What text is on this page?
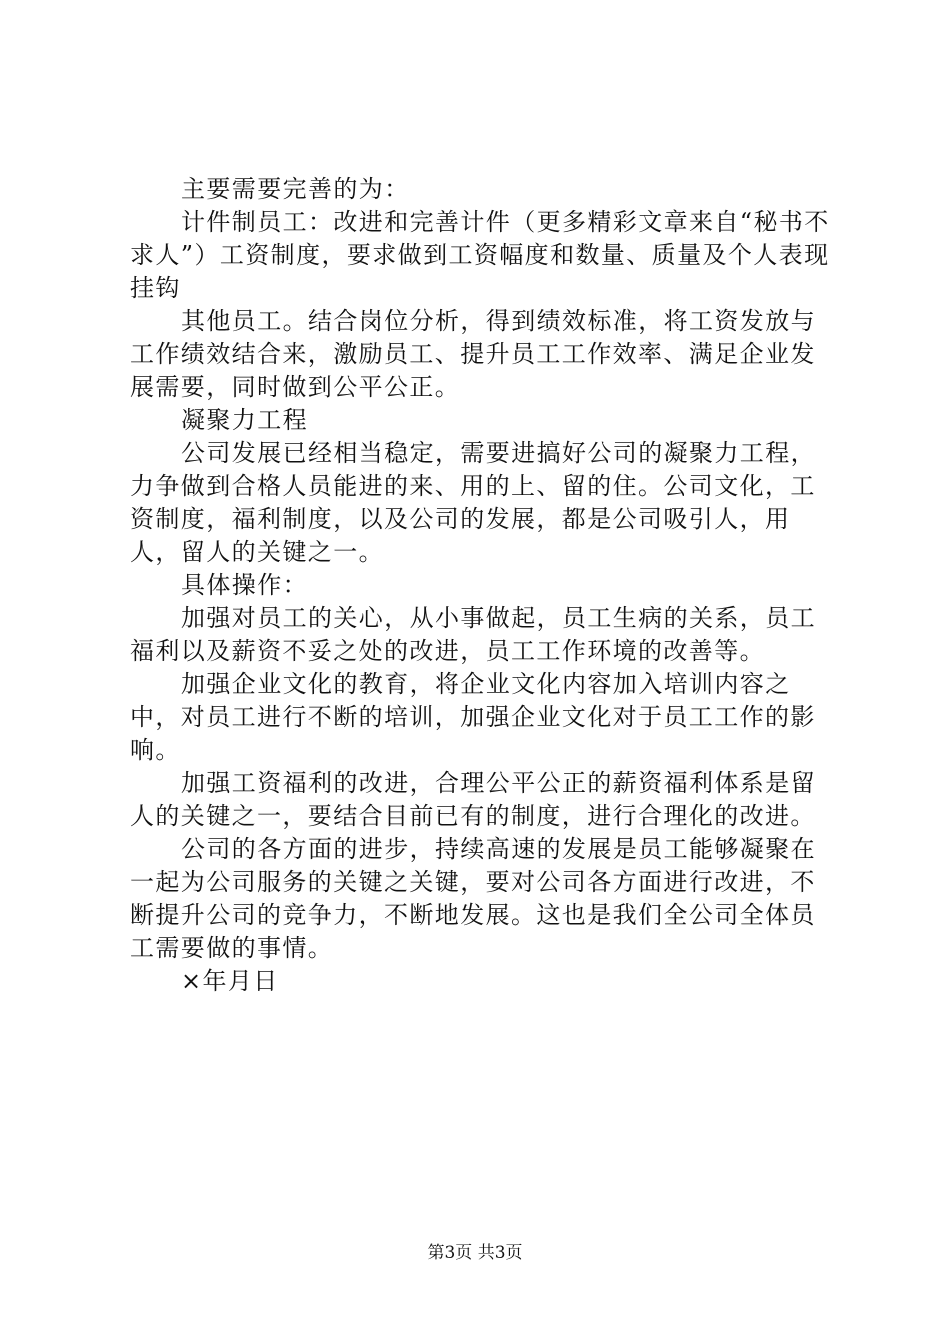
主要需要完善的为：

计件制员工：改进和完善计件（更多精彩文章来自“秘书不求人”）工资制度，要求做到工资幅度和数量、质量及个人表现挂钩

其他员工。结合岗位分析，得到绩效标准，将工资发放与工作绩效结合来，激励员工、提升员工工作效率、满足企业发展需要，同时做到公平公正。

凝聚力工程

公司发展已经相当稳定，需要进搞好公司的凝聚力工程，力争做到合格人员能进的来、用的上、留的住。公司文化，工资制度，福利制度，以及公司的发展，都是公司吸引人，用人，留人的关键之一。

具体操作：

加强对员工的关心，从小事做起，员工生病的关系，员工福利以及薪资不妥之处的改进，员工工作环境的改善等。

加强企业文化的教育，将企业文化内容加入培训内容之中，对员工进行不断的培训，加强企业文化对于员工工作的影响。

加强工资福利的改进，合理公平公正的薪资福利体系是留人的关键之一，要结合目前已有的制度，进行合理化的改进。

公司的各方面的进步，持续高速的发展是员工能够凝聚在一起为公司服务的关键之关键，要对公司各方面进行改进，不断提升公司的竞争力，不断地发展。这也是我们全公司全体员工需要做的事情。

×年月日

第3页 共3页
